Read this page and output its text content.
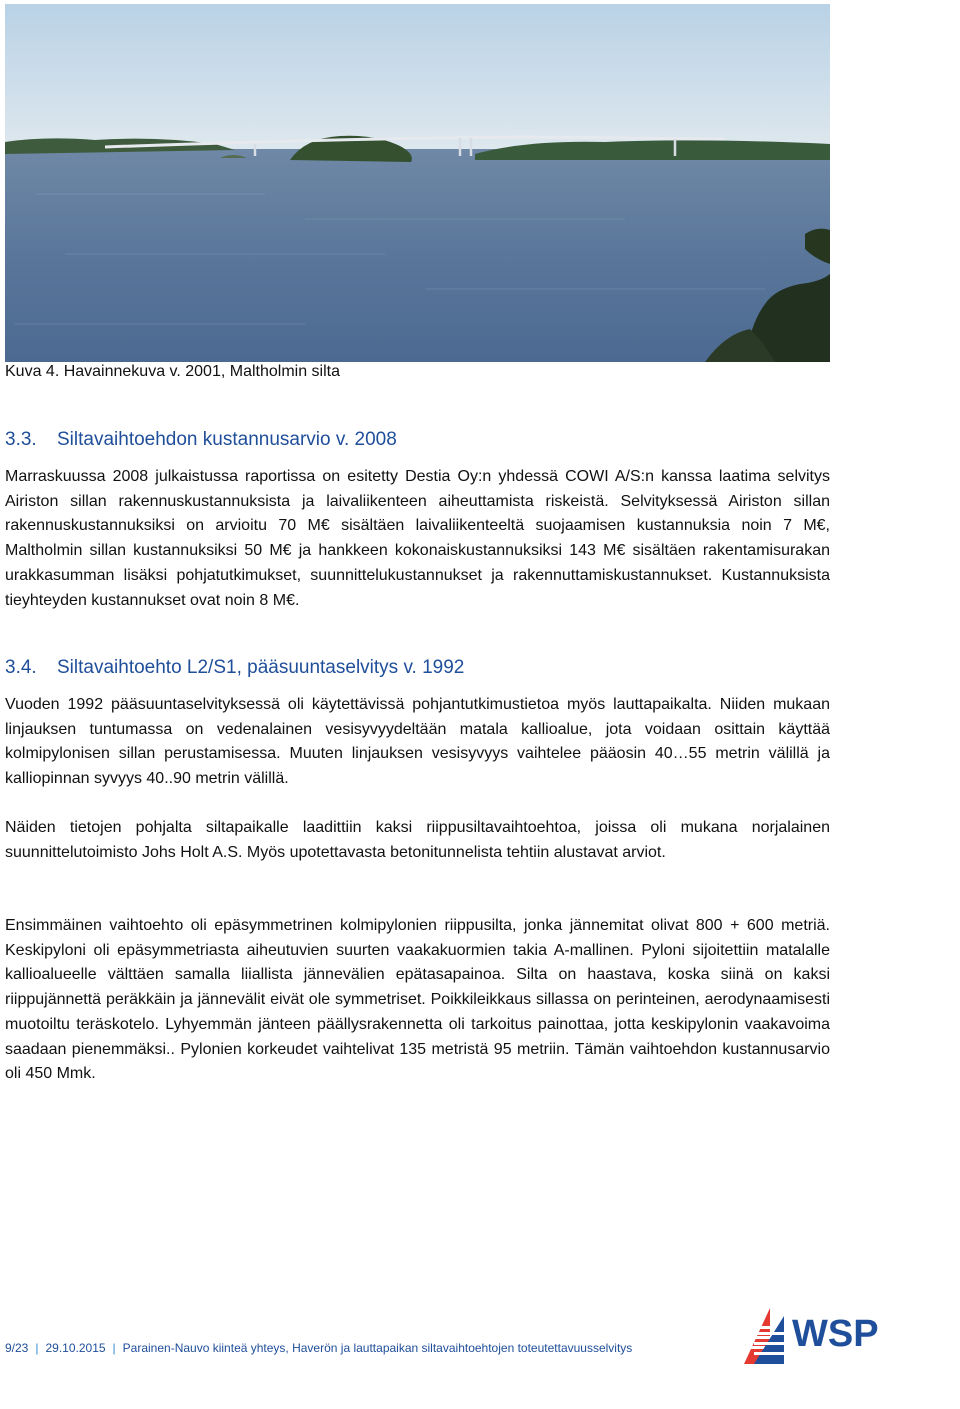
Kuva 4. Havainnekuva v. 2001, Maltholmin silta
3.3. Siltavaihtoehdon kustannusarvio v. 2008

Marraskuussa 2008 julkaistussa raportissa on esitetty Destia Oy:n yhdessä COWI A/S:n kanssa laatima selvitys Airiston sillan rakennuskustannuksista ja laivaliikenteen aiheuttamista riskeistä. Selvityksessä Airiston sillan rakennuskustannuksiksi on arvioitu 70 M€ sisältäen laivaliikenteeltä suojaamisen kustannuksia noin 7 M€, Maltholmin sillan kustannuksiksi 50 M€ ja hankkeen kokonaiskustannuksiksi 143 M€ sisältäen rakentamisurakan urakkasumman lisäksi pohjatutkimukset, suunnittelukustannukset ja rakennuttamiskustannukset. Kustannuksista tieyhteyden kustannukset ovat noin 8 M€.

3.4. Siltavaihtoehto L2/S1, pääsuuntaselvitys v. 1992

Vuoden 1992 pääsuuntaselvityksessä oli käytettävissä pohjantutkimustietoa myös lauttapaikalta. Niiden mukaan linjauksen tuntumassa on vedenalainen vesisyvyydeltään matala kallioalue, jota voidaan osittain käyttää kolmipylonisen sillan perustamisessa. Muuten linjauksen vesisyvyys vaihtelee pääosin 40…55 metrin välillä ja kalliopinnan syvyys 40..90 metrin välillä.

Näiden tietojen pohjalta siltapaikalle laadittiin kaksi riippusiltavaihtoehtoa, joissa oli mukana norjalainen suunnittelutoimisto Johs Holt A.S. Myös upotettavasta betonitunnelista tehtiin alustavat arviot.

Ensimmäinen vaihtoehto oli epäsymmetrinen kolmipylonien riippusilta, jonka jännemitat olivat 800 + 600 metriä. Keskipyloni oli epäsymmetriasta aiheutuvien suurten vaakakuormien takia A-mallinen. Pyloni sijoitettiin matalalle kallioalueelle välttäen samalla liiallista jännevälien epätasapainoa. Silta on haastava, koska siinä on kaksi riippujännettä peräkkäin ja jännevälit eivät ole symmetriset. Poikkileikkaus sillassa on perinteinen, aerodynaamisesti muotoiltu teräskotelo. Lyhyemmän jänteen päällysrakennetta oli tarkoitus painottaa, jotta keskipylonin vaakavoima saadaan pienemmäksi.. Pylonien korkeudet vaihtelivat 135 metristä 95 metriin. Tämän vaihtoehdon kustannusarvio oli 450 Mmk.

9/23 | 29.10.2015 | Parainen-Nauvo kiinteä yhteys, Haverön ja lauttapaikan siltavaihtoehtojen toteutettavuusselvitys	WSP
